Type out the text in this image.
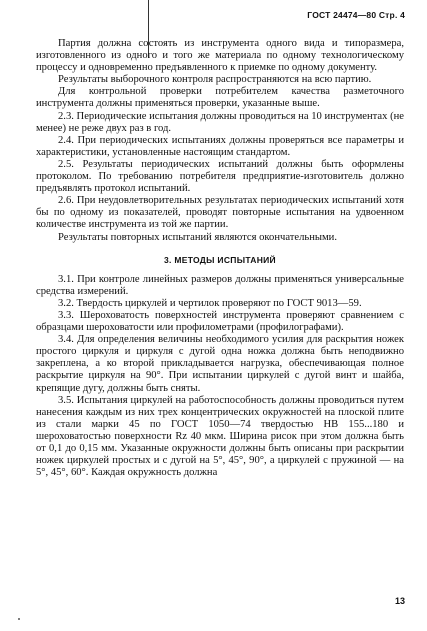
ГОСТ 24474—80 Стр. 4

Партия должна состоять из инструмента одного вида и типоразмера, изготовленного из одного и того же материала по одному технологическому процессу и одновременно предъявленного к приемке по одному документу.

Результаты выборочного контроля распространяются на всю партию.

Для контрольной проверки потребителем качества разметочного инструмента должны применяться проверки, указанные выше.

2.3. Периодические испытания должны проводиться на 10 инструментах (не менее) не реже двух раз в год.

2.4. При периодических испытаниях должны проверяться все параметры и характеристики, установленные настоящим стандартом.

2.5. Результаты периодических испытаний должны быть оформлены протоколом. По требованию потребителя предприятие-изготовитель должно предъявлять протокол испытаний.

2.6. При неудовлетворительных результатах периодических испытаний хотя бы по одному из показателей, проводят повторные испытания на удвоенном количестве инструмента из той же партии.

Результаты повторных испытаний являются окончательными.

3. МЕТОДЫ ИСПЫТАНИЙ

3.1. При контроле линейных размеров должны применяться универсальные средства измерений.

3.2. Твердость циркулей и чертилок проверяют по ГОСТ 9013—59.

3.3. Шероховатость поверхностей инструмента проверяют сравнением с образцами шероховатости или профилометрами (профилографами).

3.4. Для определения величины необходимого усилия для раскрытия ножек простого циркуля и циркуля с дугой одна ножка должна быть неподвижно закреплена, а ко второй прикладывается нагрузка, обеспечивающая полное раскрытие циркуля на 90°. При испытании циркулей с дугой винт и шайба, крепящие дугу, должны быть сняты.

3.5. Испытания циркулей на работоспособность должны проводиться путем нанесения каждым из них трех концентрических окружностей на плоской плите из стали марки 45 по ГОСТ 1050—74 твердостью НВ 155...180 и шероховатостью поверхности Rz 40 мкм. Ширина рисок при этом должна быть от 0,1 до 0,15 мм. Указанные окружности должны быть описаны при раскрытии ножек циркулей простых и с дугой на 5°, 45°, 90°, а циркулей с пружиной — на 5°, 45°, 60°. Каждая окружность должна

13
